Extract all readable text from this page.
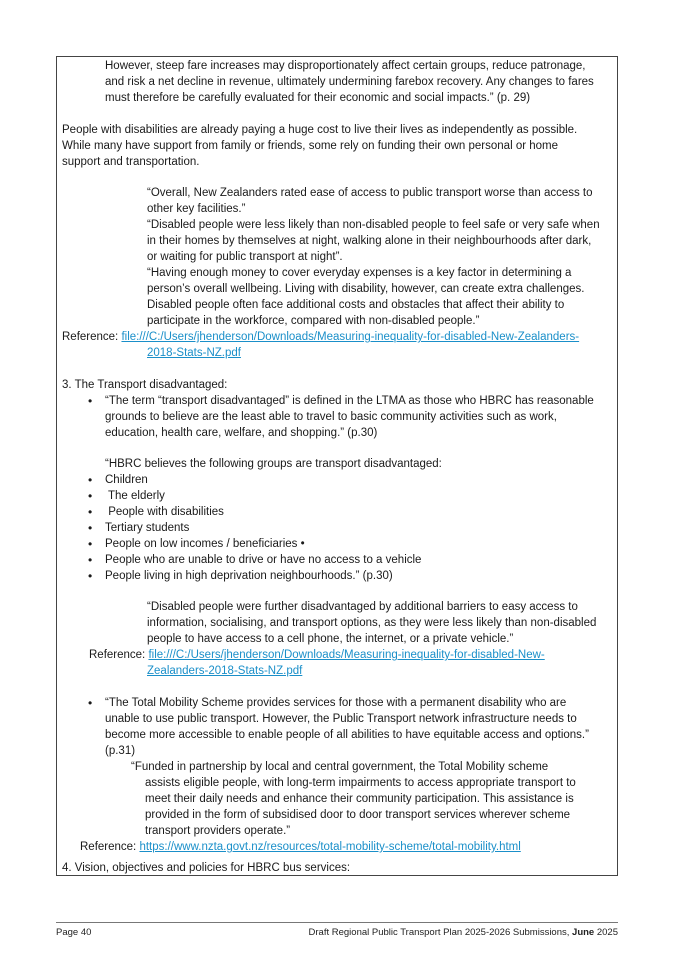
However, steep fare increases may disproportionately affect certain groups, reduce patronage,
and risk a net decline in revenue, ultimately undermining farebox recovery. Any changes to fares
must therefore be carefully evaluated for their economic and social impacts.” (p. 29)
People with disabilities are already paying a huge cost to live their lives as independently as possible.
While many have support from family or friends, some rely on funding their own personal or home
support and transportation.
“Overall, New Zealanders rated ease of access to public transport worse than access to
other key facilities.”
“Disabled people were less likely than non-disabled people to feel safe or very safe when
in their homes by themselves at night, walking alone in their neighbourhoods after dark,
or waiting for public transport at night”.
“Having enough money to cover everyday expenses is a key factor in determining a
person’s overall wellbeing. Living with disability, however, can create extra challenges.
Disabled people often face additional costs and obstacles that affect their ability to
participate in the workforce, compared with non-disabled people.”
Reference: file:///C:/Users/jhenderson/Downloads/Measuring-inequality-for-disabled-New-Zealanders-
2018-Stats-NZ.pdf
3. The Transport disadvantaged:
• “The term “transport disadvantaged” is defined in the LTMA as those who HBRC has reasonable
grounds to believe are the least able to travel to basic community activities such as work,
education, health care, welfare, and shopping.” (p.30)
“HBRC believes the following groups are transport disadvantaged:
• Children
• The elderly
• People with disabilities
• Tertiary students
• People on low incomes / beneficiaries •
• People who are unable to drive or have no access to a vehicle
• People living in high deprivation neighbourhoods.” (p.30)
“Disabled people were further disadvantaged by additional barriers to easy access to
information, socialising, and transport options, as they were less likely than non-disabled
people to have access to a cell phone, the internet, or a private vehicle.”
Reference: file:///C:/Users/jhenderson/Downloads/Measuring-inequality-for-disabled-New-
Zealanders-2018-Stats-NZ.pdf
• “The Total Mobility Scheme provides services for those with a permanent disability who are
unable to use public transport. However, the Public Transport network infrastructure needs to
become more accessible to enable people of all abilities to have equitable access and options.”
(p.31)
“Funded in partnership by local and central government, the Total Mobility scheme
assists eligible people, with long-term impairments to access appropriate transport to
meet their daily needs and enhance their community participation. This assistance is
provided in the form of subsidised door to door transport services wherever scheme
transport providers operate.”
Reference: https://www.nzta.govt.nz/resources/total-mobility-scheme/total-mobility.html
4. Vision, objectives and policies for HBRC bus services:
Page 40	Draft Regional Public Transport Plan 2025-2026 Submissions, June 2025
